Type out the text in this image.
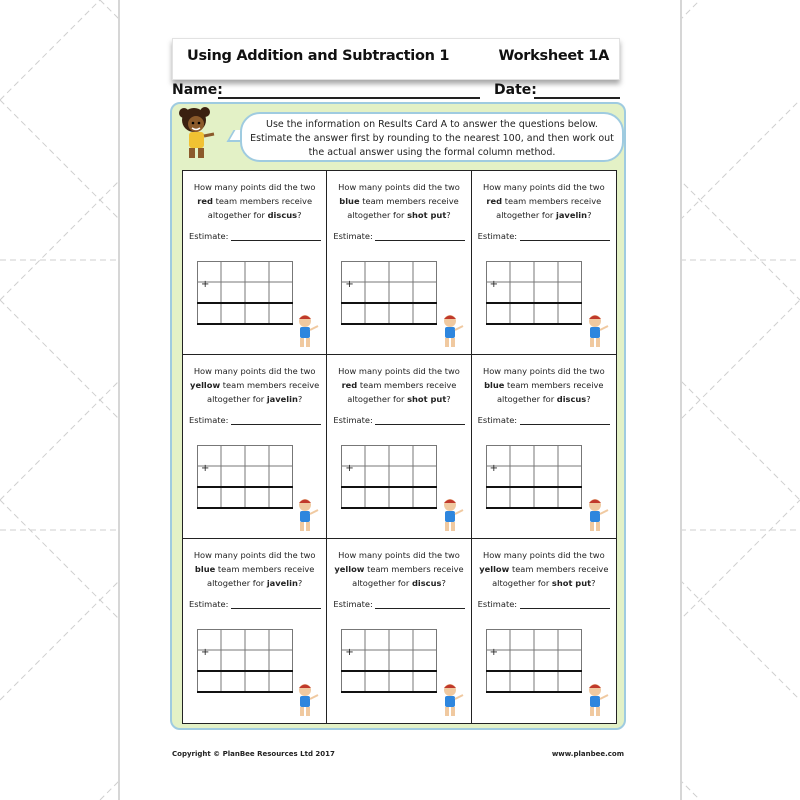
Using Addition and Subtraction 1	Worksheet 1A
Name:	Date:
Use the information on Results Card A to answer the questions below. Estimate the answer first by rounding to the nearest 100, and then work out the actual answer using the formal column method.
How many points did the two red team members receive altogether for discus?
Estimate:
+
How many points did the two blue team members receive altogether for shot put?
Estimate:
+
How many points did the two red team members receive altogether for javelin?
Estimate:
+
How many points did the two yellow team members receive altogether for javelin?
Estimate:
+
How many points did the two red team members receive altogether for shot put?
Estimate:
+
How many points did the two blue team members receive altogether for discus?
Estimate:
+
How many points did the two blue team members receive altogether for javelin?
Estimate:
+
How many points did the two yellow team members receive altogether for discus?
Estimate:
+
How many points did the two yellow team members receive altogether for shot put?
Estimate:
+
Copyright © PlanBee Resources Ltd 2017	www.planbee.com
